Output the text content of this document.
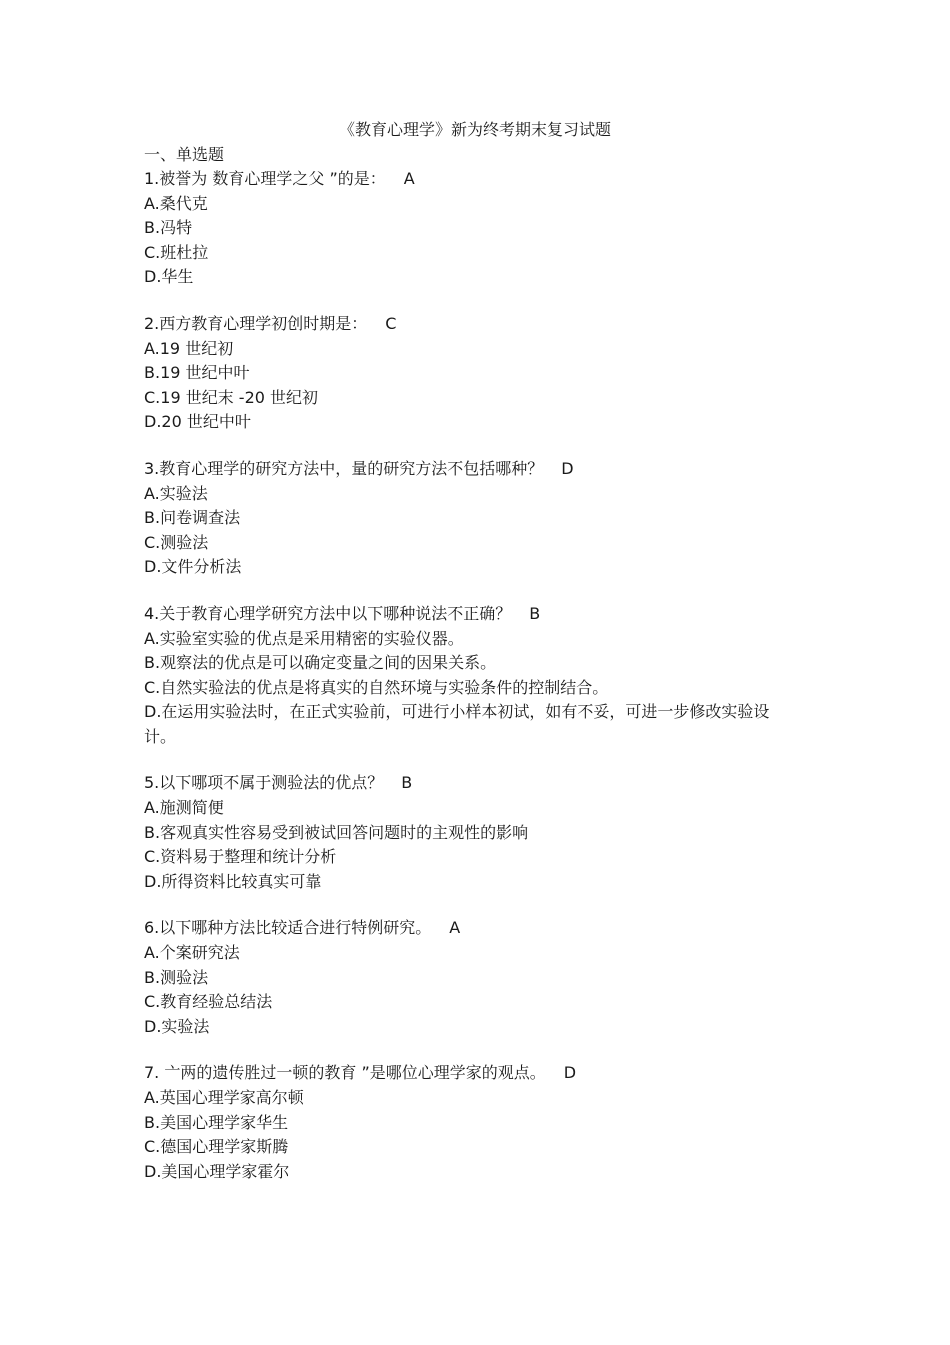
《教育心理学》新为终考期末复习试题
一、单选题
1.被誉为 数育心理学之父 ”的是： A
A.桑代克
B.冯特
C.班杜拉
D.华生
2.西方教育心理学初创时期是： C
A.19 世纪初
B.19 世纪中叶
C.19 世纪末 -20 世纪初
D.20 世纪中叶
3.教育心理学的研究方法中，量的研究方法不包括哪种？ D
A.实验法
B.问卷调查法
C.测验法
D.文件分析法
4.关于教育心理学研究方法中以下哪种说法不正确？ B
A.实验室实验的优点是采用精密的实验仪器。
B.观察法的优点是可以确定变量之间的因果关系。
C.自然实验法的优点是将真实的自然环境与实验条件的控制结合。
D.在运用实验法时，在正式实验前，可进行小样本初试，如有不妥，可进一步修改实验设计。
5.以下哪项不属于测验法的优点？ B
A.施测简便
B.客观真实性容易受到被试回答问题时的主观性的影响
C.资料易于整理和统计分析
D.所得资料比较真实可靠
6.以下哪种方法比较适合进行特例研究。 A
A.个案研究法
B.测验法
C.教育经验总结法
D.实验法
7. 亠两的遗传胜过一顿的教育 ”是哪位心理学家的观点。 D
A.英国心理学家高尔顿
B.美国心理学家华生
C.德国心理学家斯腾
D.美国心理学家霍尔
